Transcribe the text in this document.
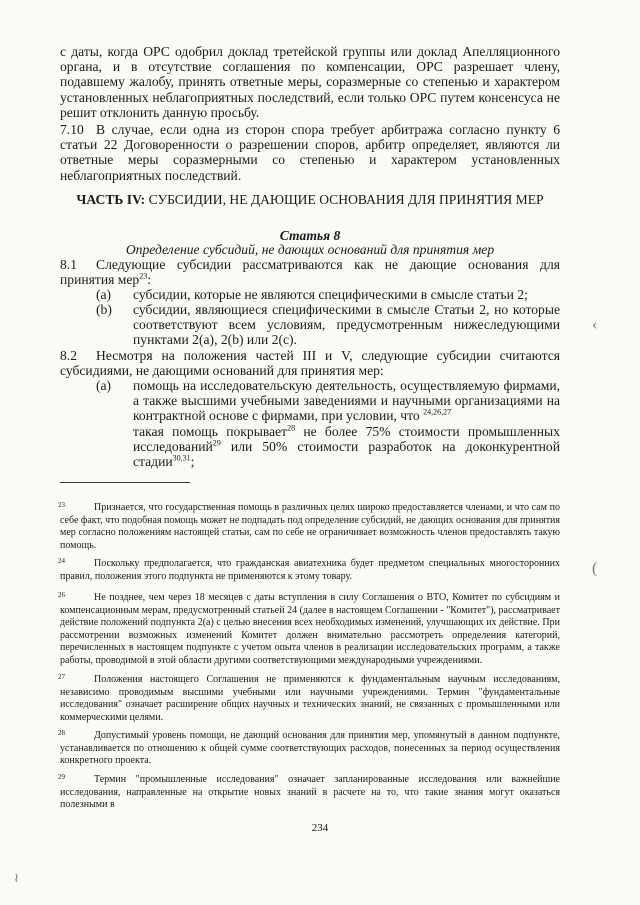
с даты, когда ОРС одобрил доклад третейской группы или доклад Апелляционного органа, и в отсутствие соглашения по компенсации, ОРС разрешает члену, подавшему жалобу, принять ответные меры, соразмерные со степенью и характером установленных неблагоприятных последствий, если только ОРС путем консенсуса не решит отклонить данную просьбу.

7.10 В случае, если одна из сторон спора требует арбитража согласно пункту 6 статьи 22 Договоренности о разрешении споров, арбитр определяет, являются ли ответные меры соразмерными со степенью и характером установленных неблагоприятных последствий.

ЧАСТЬ IV: СУБСИДИИ, НЕ ДАЮЩИЕ ОСНОВАНИЯ ДЛЯ ПРИНЯТИЯ МЕР

Статья 8

Определение субсидий, не дающих оснований для принятия мер

8.1 Следующие субсидии рассматриваются как не дающие основания для принятия мер$^{23}$:

(a) субсидии, которые не являются специфическими в смысле статьи 2;
(b) субсидии, являющиеся специфическими в смысле Статьи 2, но которые соответствуют всем условиям, предусмотренным нижеследующими пунктами 2(a), 2(b) или 2(c).

8.2 Несмотря на положения частей III и V, следующие субсидии считаются субсидиями, не дающими оснований для принятия мер:

(a) помощь на исследовательскую деятельность, осуществляемую фирмами, а также высшими учебными заведениями и научными организациями на контрактной основе с фирмами, при условии, что $^{24,26,27}$
такая помощь покрывает$^{28}$ не более 75% стоимости промышленных исследований$^{29}$ или 50% стоимости разработок на доконкурентной стадии$^{30,31}$;
23	Признается, что государственная помощь в различных целях широко предоставляется членами, и что сам по себе факт, что подобная помощь может не подпадать под определение субсидий, не дающих основания для принятия мер согласно положениям настоящей статьи, сам по себе не ограничивает возможность членов предоставлять такую помощь.
24	Поскольку предполагается, что гражданская авиатехника будет предметом специальных многосторонних правил, положения этого подпункта не применяются к этому товару.
26	Не позднее, чем через 18 месяцев с даты вступления в силу Соглашения о ВТО, Комитет по субсидиям и компенсационным мерам, предусмотренный статьей 24 (далее в настоящем Соглашении - "Комитет"), рассматривает действие положений подпункта 2(а) с целью внесения всех необходимых изменений, улучшающих их действие. При рассмотрении возможных изменений Комитет должен внимательно рассмотреть определения категорий, перечисленных в настоящем подпункте с учетом опыта членов в реализации исследовательских программ, а также работы, проводимой в этой области другими соответствующими международными учреждениями.
27	Положения настоящего Соглашения не применяются к фундаментальным научным исследованиям, независимо проводимым высшими учебными или научными учреждениями. Термин "фундаментальные исследования" означает расширение общих научных и технических знаний, не связанных с промышленными или коммерческими целями.
28	Допустимый уровень помощи, не дающий основания для принятия мер, упомянутый в данном подпункте, устанавливается по отношению к общей сумме соответствующих расходов, понесенных за период осуществления конкретного проекта.
29	Термин "промышленные исследования" означает запланированные исследования или важнейшие исследования, направленные на открытие новых знаний в расчете на то, что такие знания могут оказаться полезными в

234

‹
(
≀
